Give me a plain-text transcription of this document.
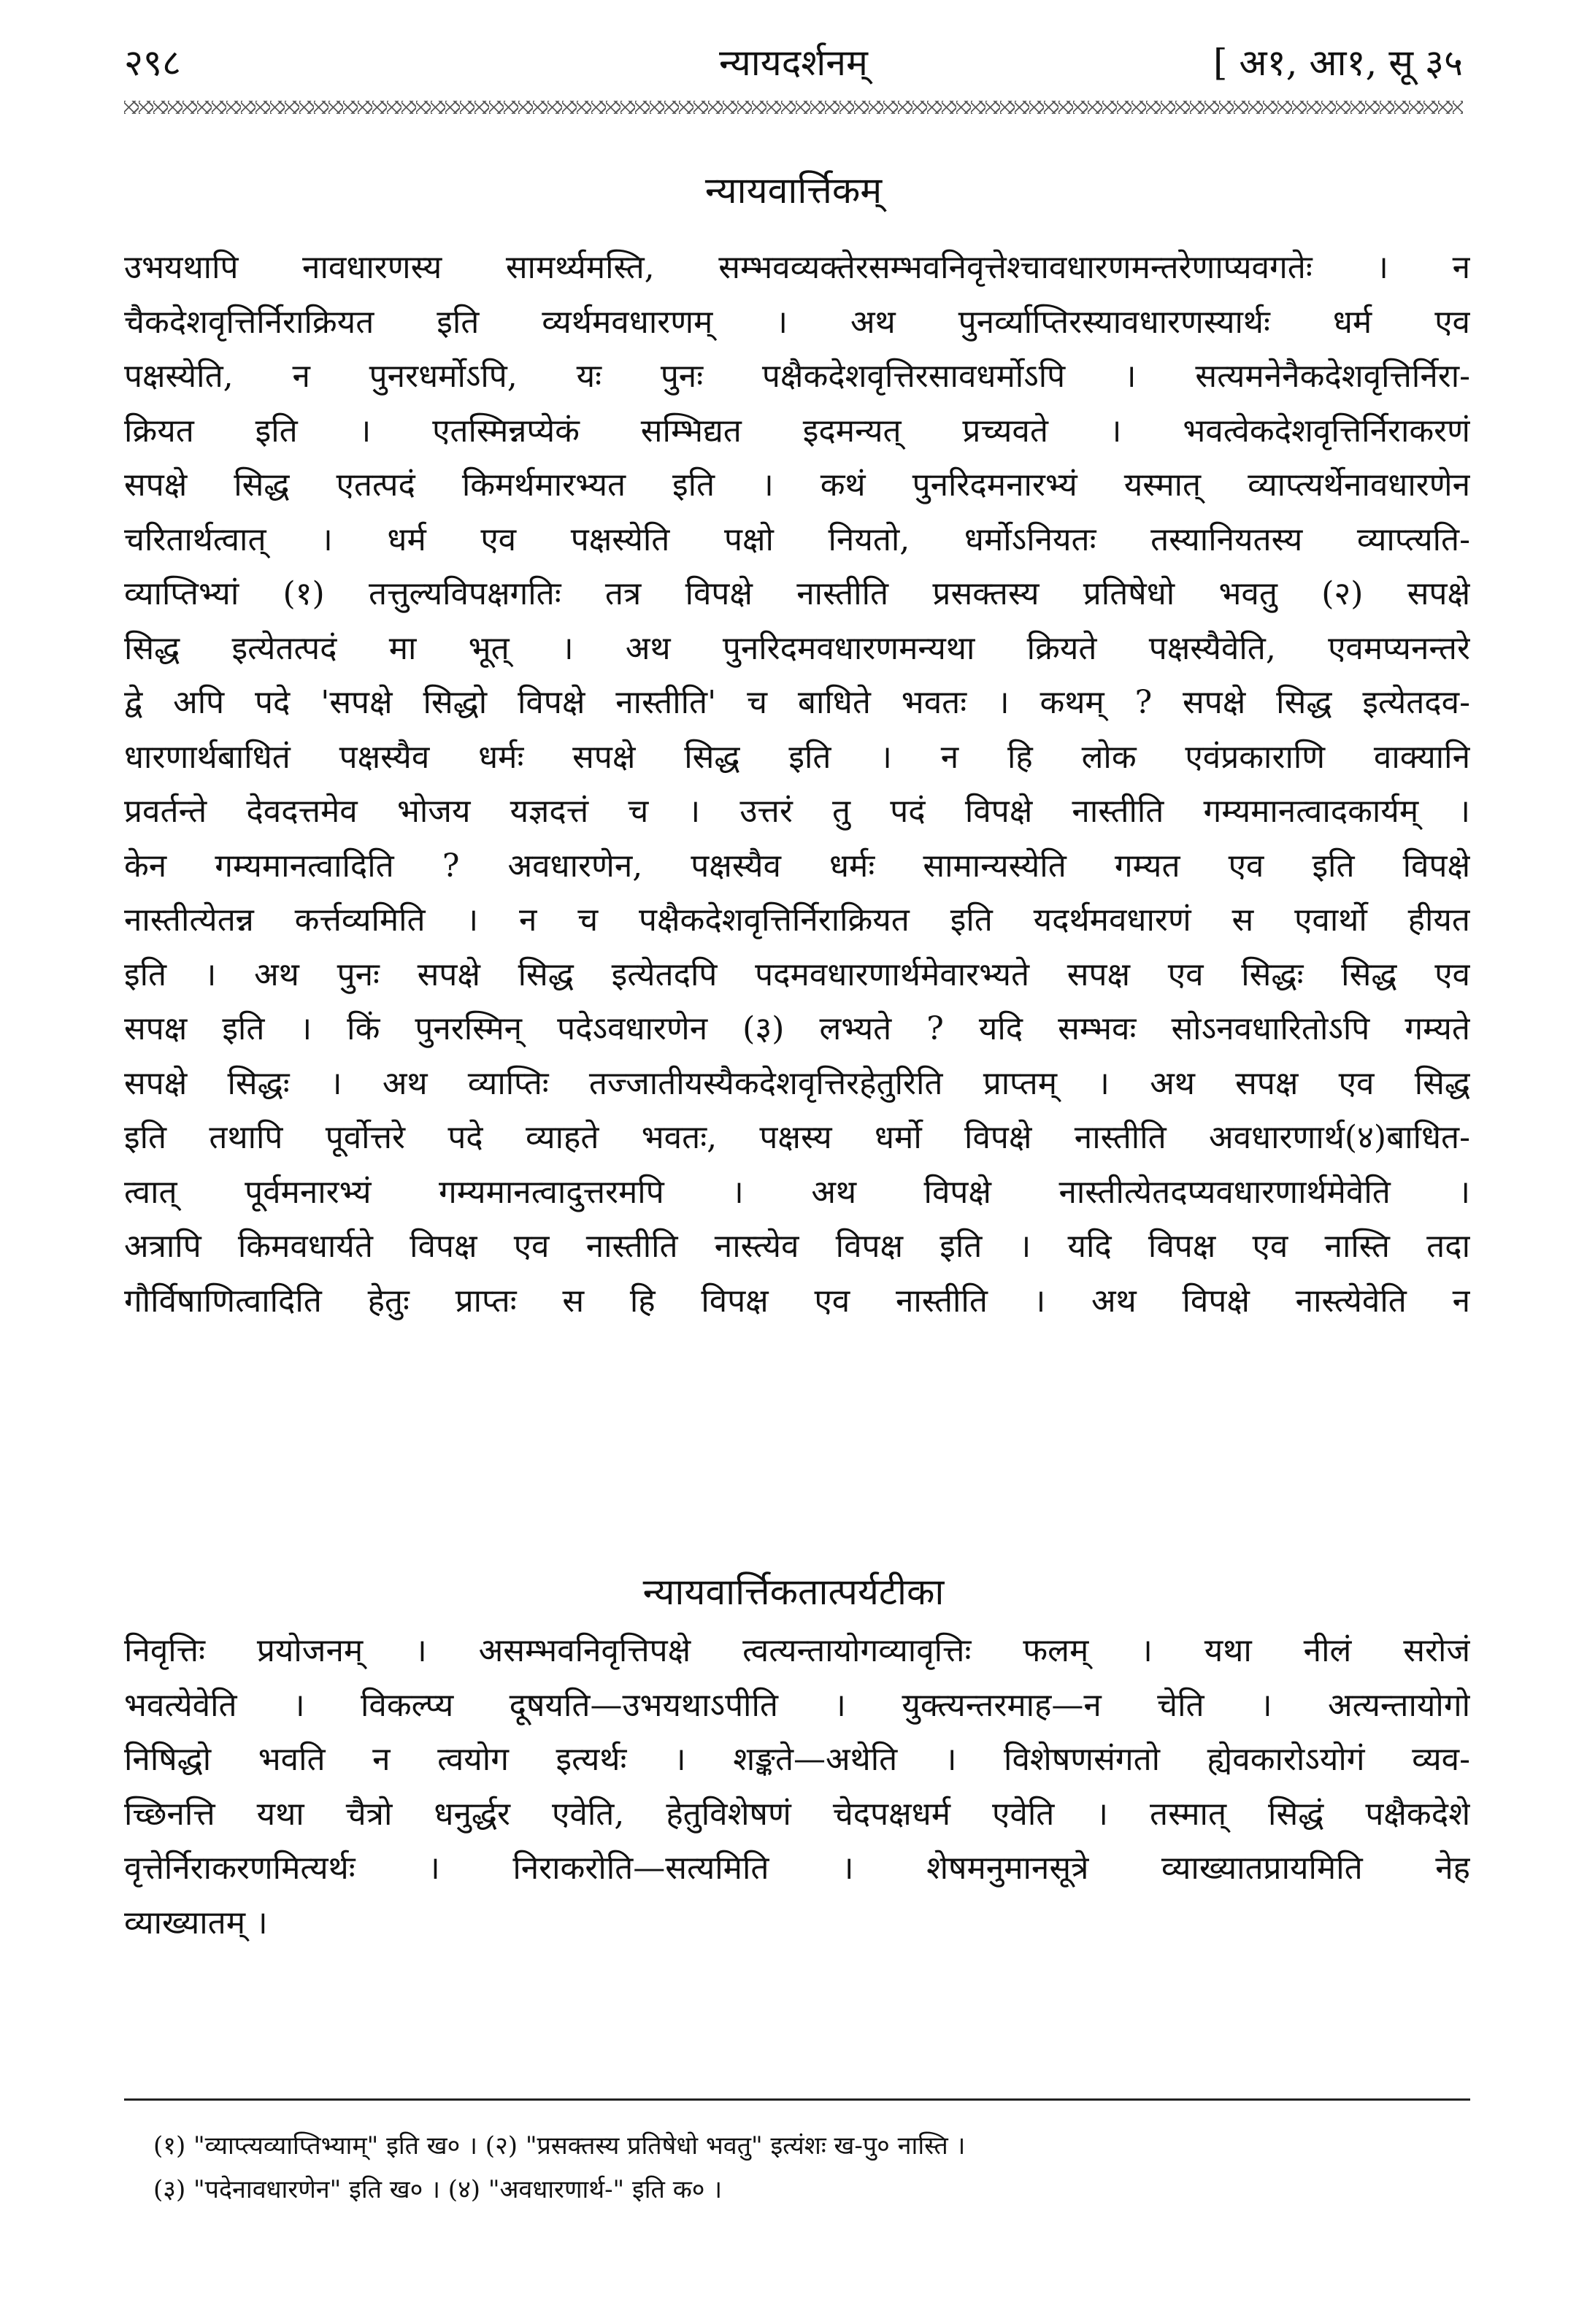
२९८	न्यायदर्शनम्	[ अ१, आ१, सू ३५
न्यायवार्त्तिकम्
उभयथापि नावधारणस्य सामर्थ्यमस्ति, सम्भवव्यक्तेरसम्भवनिवृत्तेश्चावधारणमन्तरेणाप्यवगतेः । न
चैकदेशवृत्तिर्निराक्रियत इति व्यर्थमवधारणम् । अथ पुनर्व्याप्तिरस्यावधारणस्यार्थः धर्म एव
पक्षस्येति, न पुनरधर्मोऽपि, यः पुनः पक्षैकदेशवृत्तिरसावधर्मोऽपि । सत्यमनेनैकदेशवृत्तिर्निरा-
क्रियत इति । एतस्मिन्नप्येकं सम्भिद्यत इदमन्यत् प्रच्यवते । भवत्वेकदेशवृत्तिर्निराकरणं
सपक्षे सिद्ध एतत्पदं किमर्थमारभ्यत इति । कथं पुनरिदमनारभ्यं यस्मात् व्याप्त्यर्थेनावधारणेन
चरितार्थत्वात् । धर्म एव पक्षस्येति पक्षो नियतो, धर्मोऽनियतः तस्यानियतस्य व्याप्त्यति-
व्याप्तिभ्यां (१) तत्तुल्यविपक्षगतिः तत्र विपक्षे नास्तीति प्रसक्तस्य प्रतिषेधो भवतु (२) सपक्षे
सिद्ध इत्येतत्पदं मा भूत् । अथ पुनरिदमवधारणमन्यथा क्रियते पक्षस्यैवेति, एवमप्यनन्तरे
द्वे अपि पदे 'सपक्षे सिद्धो विपक्षे नास्तीति' च बाधिते भवतः । कथम् ? सपक्षे सिद्ध इत्येतदव-
धारणार्थबाधितं पक्षस्यैव धर्मः सपक्षे सिद्ध इति । न हि लोक एवंप्रकाराणि वाक्यानि
प्रवर्तन्ते देवदत्तमेव भोजय यज्ञदत्तं च । उत्तरं तु पदं विपक्षे नास्तीति गम्यमानत्वादकार्यम् ।
केन गम्यमानत्वादिति ? अवधारणेन, पक्षस्यैव धर्मः सामान्यस्येति गम्यत एव इति विपक्षे
नास्तीत्येतन्न कर्त्तव्यमिति । न च पक्षैकदेशवृत्तिर्निराक्रियत इति यदर्थमवधारणं स एवार्थो हीयत
इति । अथ पुनः सपक्षे सिद्ध इत्येतदपि पदमवधारणार्थमेवारभ्यते सपक्ष एव सिद्धः सिद्ध एव
सपक्ष इति । किं पुनरस्मिन् पदेऽवधारणेन (३) लभ्यते ? यदि सम्भवः सोऽनवधारितोऽपि गम्यते
सपक्षे सिद्धः । अथ व्याप्तिः तज्जातीयस्यैकदेशवृत्तिरहेतुरिति प्राप्तम् । अथ सपक्ष एव सिद्ध
इति तथापि पूर्वोत्तरे पदे व्याहते भवतः, पक्षस्य धर्मो विपक्षे नास्तीति अवधारणार्थ(४)बाधित-
त्वात् पूर्वमनारभ्यं गम्यमानत्वादुत्तरमपि । अथ विपक्षे नास्तीत्येतदप्यवधारणार्थमेवेति ।
अत्रापि किमवधार्यते विपक्ष एव नास्तीति नास्त्येव विपक्ष इति । यदि विपक्ष एव नास्ति तदा
गौर्विषाणित्वादिति हेतुः प्राप्तः स हि विपक्ष एव नास्तीति । अथ विपक्षे नास्त्येवेति न
न्यायवार्त्तिकतात्पर्यटीका
निवृत्तिः प्रयोजनम् । असम्भवनिवृत्तिपक्षे त्वत्यन्तायोगव्यावृत्तिः फलम् । यथा नीलं सरोजं
भवत्येवेति । विकल्प्य दूषयति—उभयथाऽपीति । युक्त्यन्तरमाह—न चेति । अत्यन्तायोगो
निषिद्धो भवति न त्वयोग इत्यर्थः । शङ्कते—अथेति । विशेषणसंगतो ह्येवकारोऽयोगं व्यव-
च्छिनत्ति यथा चैत्रो धनुर्द्धर एवेति, हेतुविशेषणं चेदपक्षधर्म एवेति । तस्मात् सिद्धं पक्षैकदेशे
वृत्तेर्निराकरणमित्यर्थः । निराकरोति—सत्यमिति । शेषमनुमानसूत्रे व्याख्यातप्रायमिति नेह
व्याख्यातम् ।
(१) "व्याप्त्यव्याप्तिभ्याम्" इति ख० । (२) "प्रसक्तस्य प्रतिषेधो भवतु" इत्यंशः ख-पु० नास्ति ।
(३) "पदेनावधारणेन" इति ख० । (४) "अवधारणार्थ-" इति क० ।
